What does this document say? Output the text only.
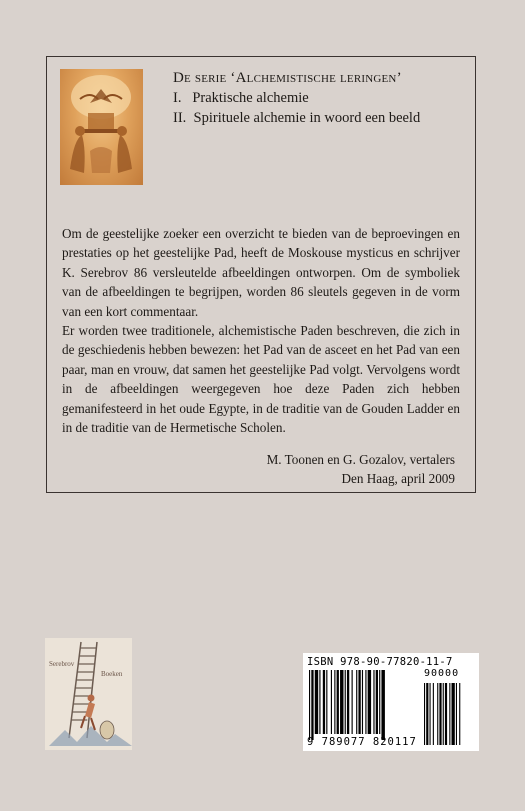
De serie ‘Alchemistische leringen’
I.   Praktische alchemie
II.  Spirituele alchemie in woord een beeld

Om de geestelijke zoeker een overzicht te bieden van de beproevingen en prestaties op het geestelijke Pad, heeft de Moskouse mysticus en schrijver K. Serebrov 86 versleutelde afbeeldingen ontworpen. Om de symboliek van de afbeeldingen te begrijpen, worden 86 sleutels gegeven in de vorm van een kort commentaar.

Er worden twee traditionele, alchemistische Paden beschreven, die zich in de geschiedenis hebben bewezen: het Pad van de asceet en het Pad van een paar, man en vrouw, dat samen het geestelijke Pad volgt. Vervolgens wordt in de afbeeldingen weergegeven hoe deze Paden zich hebben gemanifesteerd in het oude Egypte, in de traditie van de Gouden Ladder en in de traditie van de Hermetische Scholen.

M. Toonen en G. Gozalov, vertalers
Den Haag, april 2009
Serebrov
Boeken
ISBN 978-90-77820-11-7
90000
9 789077 820117
